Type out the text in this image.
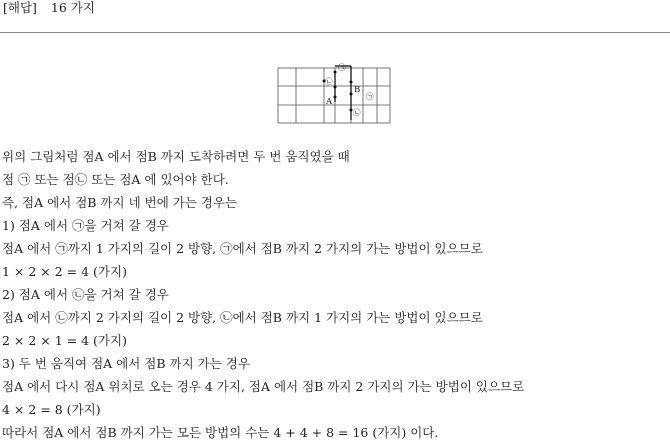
[해답] 16 가지
㉠
㉡
㉠
㉡
A
B
위의 그림처럼 점A 에서 점B 까지 도착하려면 두 번 움직였을 때
점 ㉠ 또는 점㉡ 또는 점A 에 있어야 한다.
즉, 점A 에서 점B 까지 네 번에 가는 경우는
1) 점A 에서 ㉠을 거쳐 갈 경우
점A 에서 ㉠까지 1 가지의 길이 2 방향, ㉠에서 점B 까지 2 가지의 가는 방법이 있으므로
1 × 2 × 2 = 4 (가지)
2) 점A 에서 ㉡을 거쳐 갈 경우
점A 에서 ㉡까지 2 가지의 길이 2 방향, ㉡에서 점B 까지 1 가지의 가는 방법이 있으므로
2 × 2 × 1 = 4 (가지)
3) 두 번 움직여 점A 에서 점B 까지 가는 경우
점A 에서 다시 점A 위치로 오는 경우 4 가지, 점A 에서 점B 까지 2 가지의 가는 방법이 있으므로
4 × 2 = 8 (가지)
따라서 점A 에서 점B 까지 가는 모든 방법의 수는 4 + 4 + 8 = 16 (가지) 이다.
